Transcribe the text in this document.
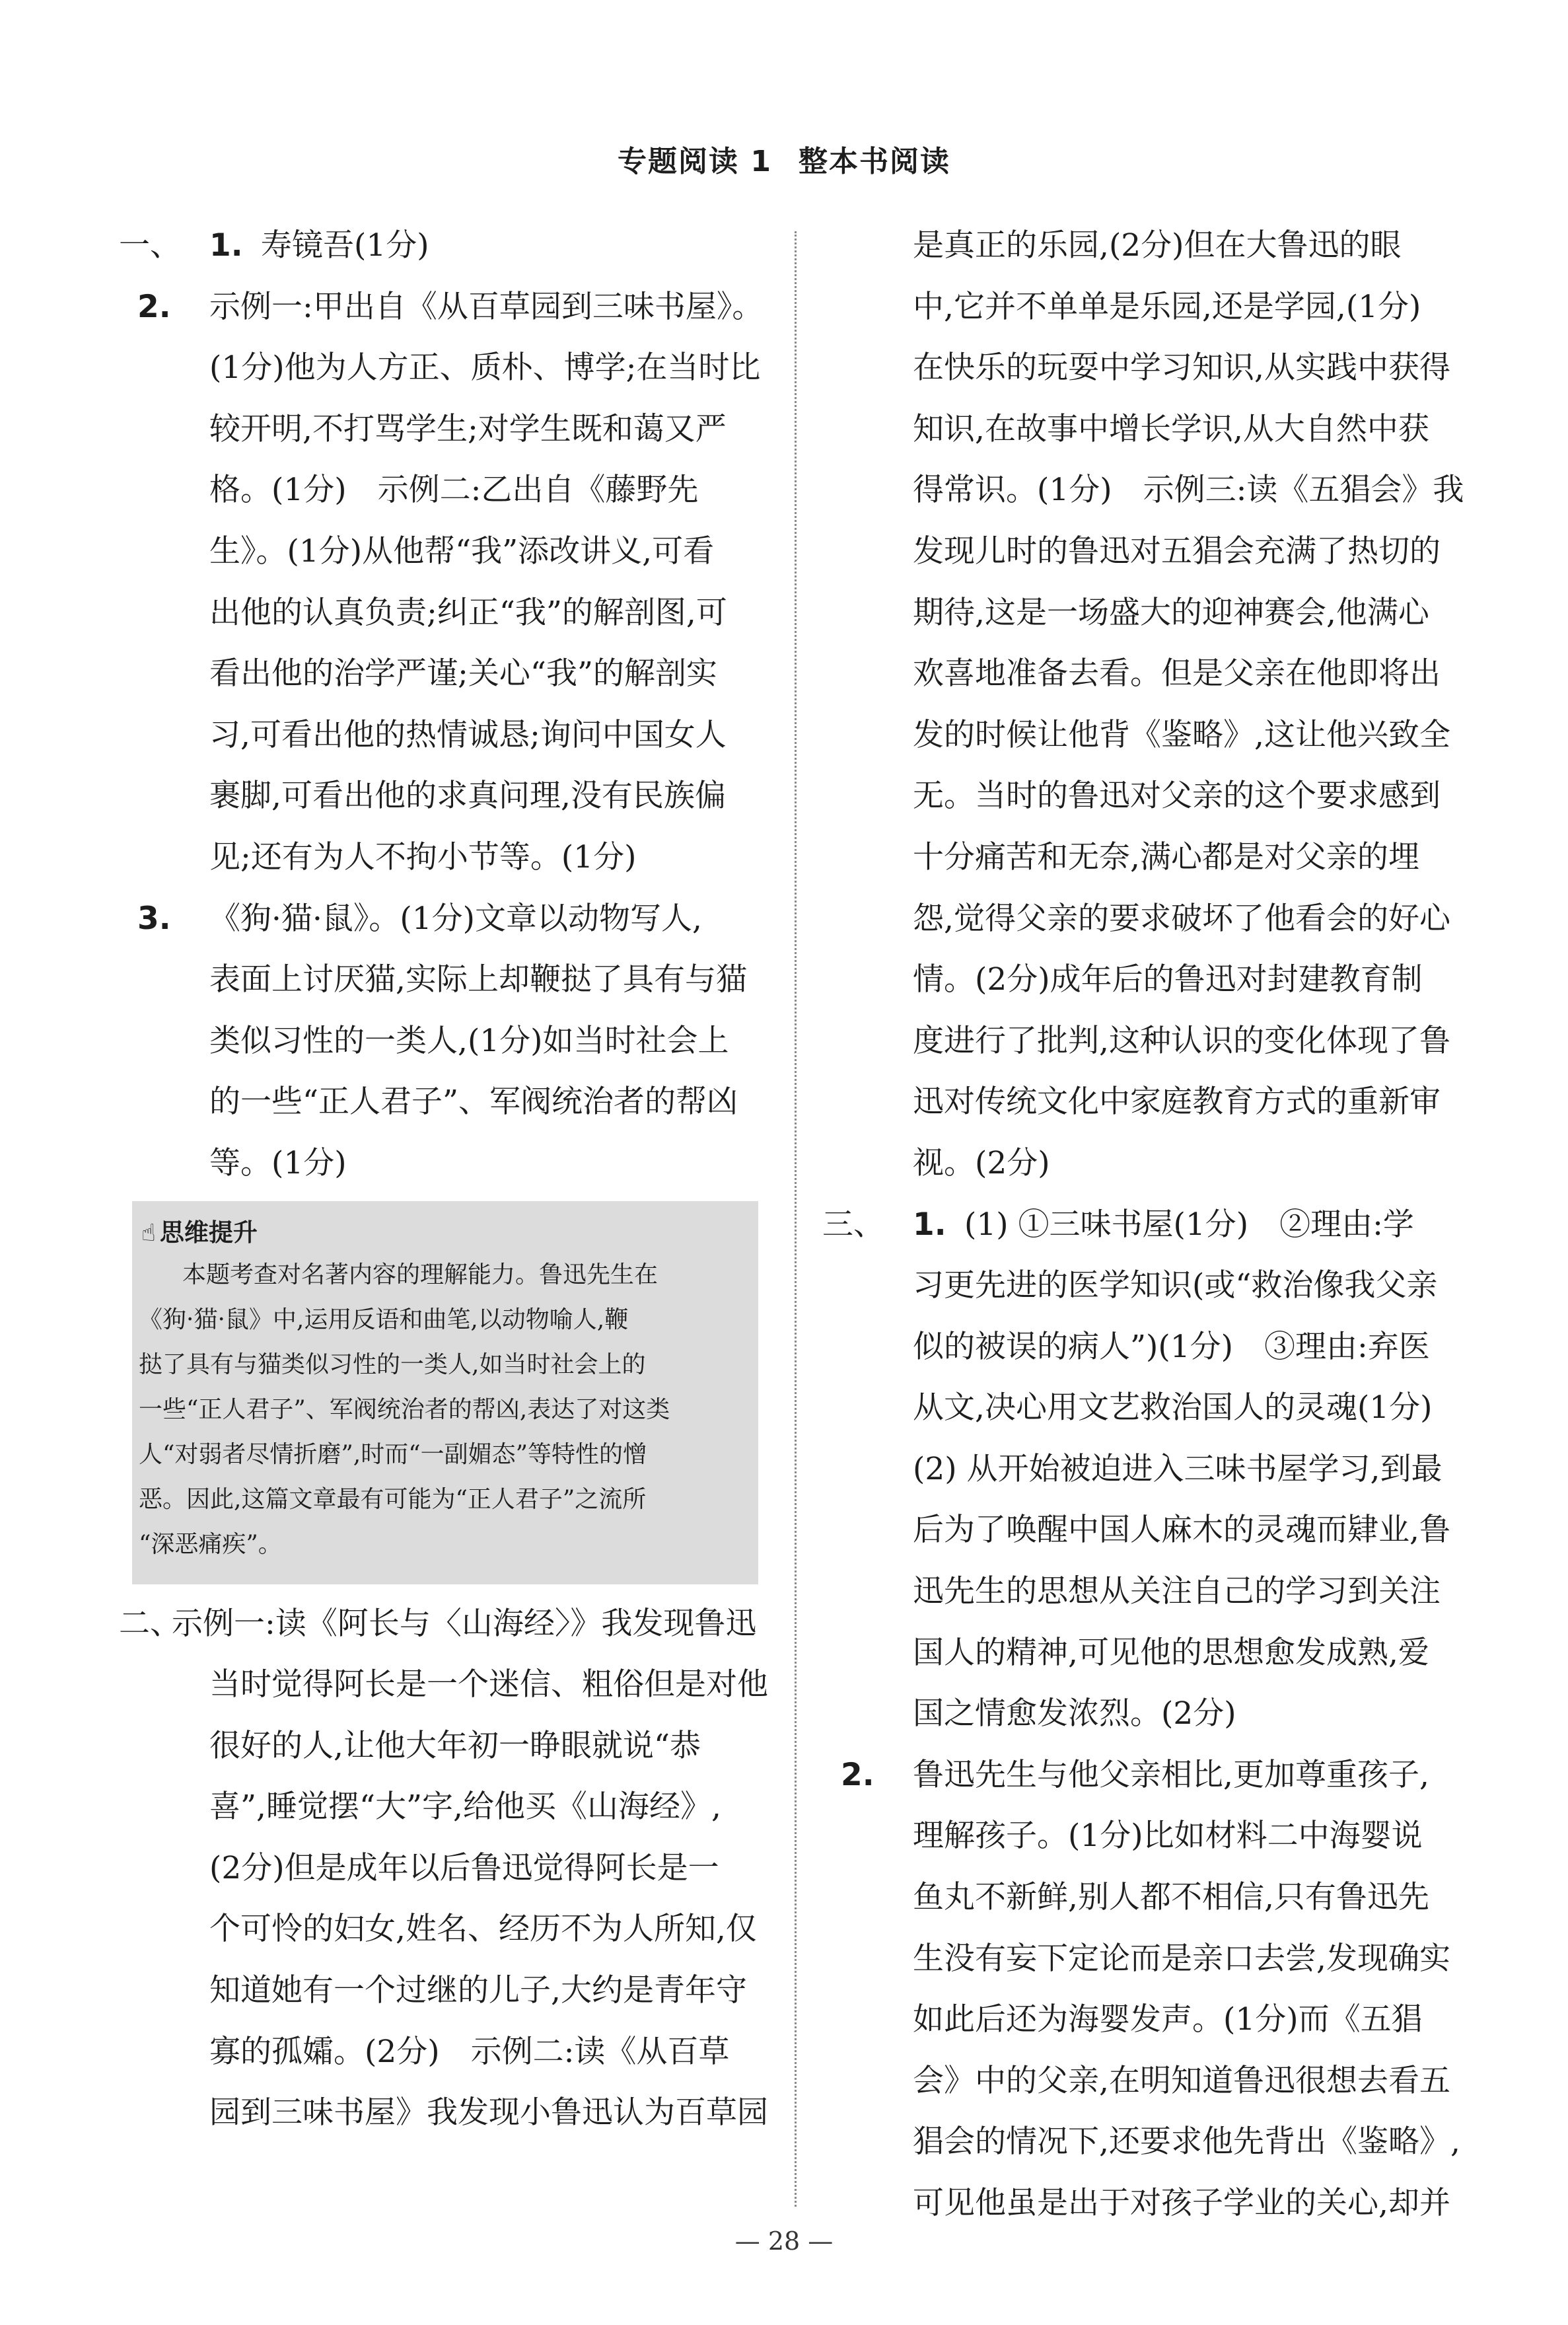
专题阅读 1 整本书阅读
一、 1. 寿镜吾(1分)
2. 示例一:甲出自《从百草园到三味书屋》。
(1分)他为人方正、质朴、博学;在当时比
较开明,不打骂学生;对学生既和蔼又严
格。(1分)　示例二:乙出自《藤野先
生》。(1分)从他帮“我”添改讲义,可看
出他的认真负责;纠正“我”的解剖图,可
看出他的治学严谨;关心“我”的解剖实
习,可看出他的热情诚恳;询问中国女人
裹脚,可看出他的求真问理,没有民族偏
见;还有为人不拘小节等。(1分)
3. 《狗·猫·鼠》。(1分)文章以动物写人,
表面上讨厌猫,实际上却鞭挞了具有与猫
类似习性的一类人,(1分)如当时社会上
的一些“正人君子”、军阀统治者的帮凶
等。(1分)
☝ 思维提升
本题考查对名著内容的理解能力。鲁迅先生在
《狗·猫·鼠》中,运用反语和曲笔,以动物喻人,鞭
挞了具有与猫类似习性的一类人,如当时社会上的
一些“正人君子”、军阀统治者的帮凶,表达了对这类
人“对弱者尽情折磨”,时而“一副媚态”等特性的憎
恶。因此,这篇文章最有可能为“正人君子”之流所
“深恶痛疾”。
二、示例一:读《阿长与〈山海经〉》我发现鲁迅
当时觉得阿长是一个迷信、粗俗但是对他
很好的人,让他大年初一睁眼就说“恭
喜”,睡觉摆“大”字,给他买《山海经》,
(2分)但是成年以后鲁迅觉得阿长是一
个可怜的妇女,姓名、经历不为人所知,仅
知道她有一个过继的儿子,大约是青年守
寡的孤孀。(2分)　示例二:读《从百草
园到三味书屋》我发现小鲁迅认为百草园
是真正的乐园,(2分)但在大鲁迅的眼
中,它并不单单是乐园,还是学园,(1分)
在快乐的玩耍中学习知识,从实践中获得
知识,在故事中增长学识,从大自然中获
得常识。(1分)　示例三:读《五猖会》我
发现儿时的鲁迅对五猖会充满了热切的
期待,这是一场盛大的迎神赛会,他满心
欢喜地准备去看。但是父亲在他即将出
发的时候让他背《鉴略》,这让他兴致全
无。当时的鲁迅对父亲的这个要求感到
十分痛苦和无奈,满心都是对父亲的埋
怨,觉得父亲的要求破坏了他看会的好心
情。(2分)成年后的鲁迅对封建教育制
度进行了批判,这种认识的变化体现了鲁
迅对传统文化中家庭教育方式的重新审
视。(2分)
三、 1. (1) ①三味书屋(1分)　②理由:学
习更先进的医学知识(或“救治像我父亲
似的被误的病人”)(1分)　③理由:弃医
从文,决心用文艺救治国人的灵魂(1分)
(2) 从开始被迫进入三味书屋学习,到最
后为了唤醒中国人麻木的灵魂而肄业,鲁
迅先生的思想从关注自己的学习到关注
国人的精神,可见他的思想愈发成熟,爱
国之情愈发浓烈。(2分)
2. 鲁迅先生与他父亲相比,更加尊重孩子,
理解孩子。(1分)比如材料二中海婴说
鱼丸不新鲜,别人都不相信,只有鲁迅先
生没有妄下定论而是亲口去尝,发现确实
如此后还为海婴发声。(1分)而《五猖
会》中的父亲,在明知道鲁迅很想去看五
猖会的情况下,还要求他先背出《鉴略》,
可见他虽是出于对孩子学业的关心,却并
— 28 —
